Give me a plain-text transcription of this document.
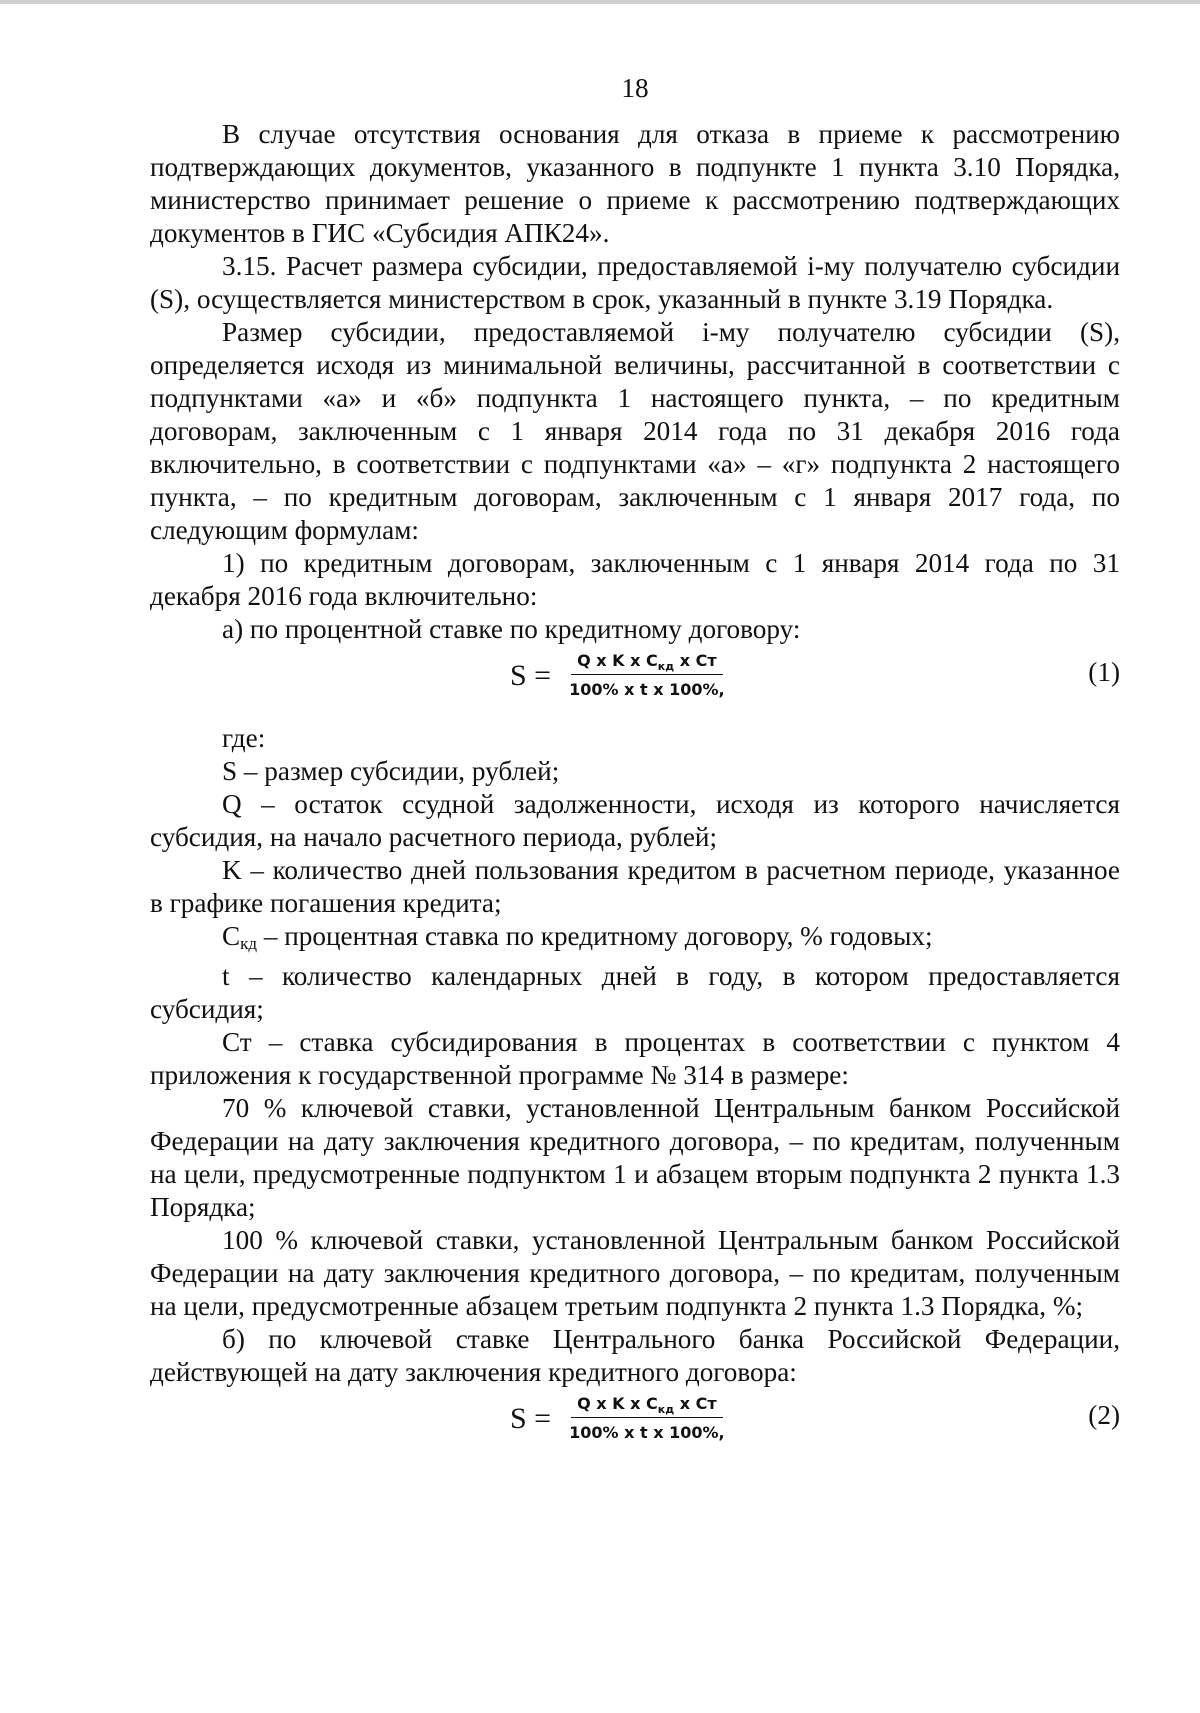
18

В случае отсутствия основания для отказа в приеме к рассмотрению подтверждающих документов, указанного в подпункте 1 пункта 3.10 Порядка, министерство принимает решение о приеме к рассмотрению подтверждающих документов в ГИС «Субсидия АПК24».

3.15. Расчет размера субсидии, предоставляемой i-му получателю субсидии (S), осуществляется министерством в срок, указанный в пункте 3.19 Порядка.

Размер субсидии, предоставляемой i-му получателю субсидии (S), определяется исходя из минимальной величины, рассчитанной в соответствии с подпунктами «а» и «б» подпункта 1 настоящего пункта, – по кредитным договорам, заключенным с 1 января 2014 года по 31 декабря 2016 года включительно, в соответствии с подпунктами «а» – «г» подпункта 2 настоящего пункта, – по кредитным договорам, заключенным с 1 января 2017 года, по следующим формулам:

1) по кредитным договорам, заключенным с 1 января 2014 года по 31 декабря 2016 года включительно:

а) по процентной ставке по кредитному договору:

$S = \frac{Q x K x C_{кд} x Ст}{\text{100\% x t x 100\%,}}$	(1)

где:

S – размер субсидии, рублей;

Q – остаток ссудной задолженности, исходя из которого начисляется субсидия, на начало расчетного периода, рублей;

K – количество дней пользования кредитом в расчетном периоде, указанное в графике погашения кредита;

Скд – процентная ставка по кредитному договору, % годовых;

t – количество календарных дней в году, в котором предоставляется субсидия;

Ст – ставка субсидирования в процентах в соответствии с пунктом 4 приложения к государственной программе № 314 в размере:

70 % ключевой ставки, установленной Центральным банком Российской Федерации на дату заключения кредитного договора, – по кредитам, полученным на цели, предусмотренные подпунктом 1 и абзацем вторым подпункта 2 пункта 1.3 Порядка;

100 % ключевой ставки, установленной Центральным банком Российской Федерации на дату заключения кредитного договора, – по кредитам, полученным на цели, предусмотренные абзацем третьим подпункта 2 пункта 1.3 Порядка, %;

б) по ключевой ставке Центрального банка Российской Федерации, действующей на дату заключения кредитного договора:

$S = \frac{Q x K x C_{кд} x Ст}{\text{100\% x t x 100\%,}}$	(2)
